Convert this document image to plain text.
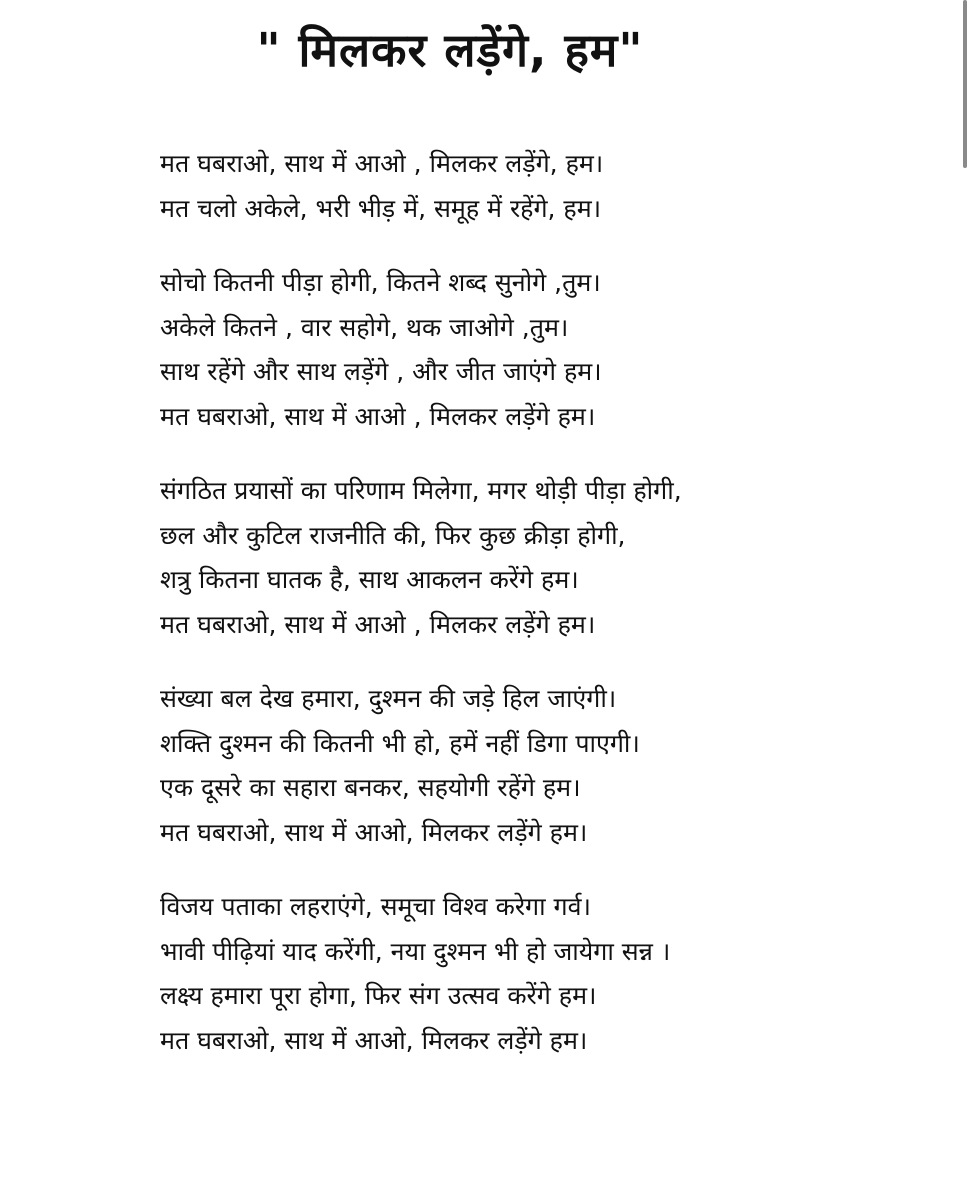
" मिलकर लड़ेंगे, हम"
मत घबराओ, साथ में आओ , मिलकर लड़ेंगे, हम।
मत चलो अकेले, भरी भीड़ में, समूह में रहेंगे, हम।
सोचो कितनी पीड़ा होगी, कितने शब्द सुनोगे ,तुम।
अकेले कितने , वार सहोगे, थक जाओगे ,तुम।
साथ रहेंगे और साथ लड़ेंगे , और जीत जाएंगे हम।
मत घबराओ, साथ में आओ , मिलकर लड़ेंगे हम।
संगठित प्रयासों का परिणाम मिलेगा, मगर थोड़ी पीड़ा होगी,
छल और कुटिल राजनीति की, फिर कुछ क्रीड़ा होगी,
शत्रु कितना घातक है, साथ आकलन करेंगे हम।
मत घबराओ, साथ में आओ , मिलकर लड़ेंगे हम।
संख्या बल देख हमारा, दुश्मन की जड़े हिल जाएंगी।
शक्ति दुश्मन की कितनी भी हो, हमें नहीं डिगा पाएगी।
एक दूसरे का सहारा बनकर, सहयोगी रहेंगे हम।
मत घबराओ, साथ में आओ, मिलकर लड़ेंगे हम।
विजय पताका लहराएंगे, समूचा विश्व करेगा गर्व।
भावी पीढ़ियां याद करेंगी, नया दुश्मन भी हो जायेगा सन्न ।
लक्ष्य हमारा पूरा होगा, फिर संग उत्सव करेंगे हम।
मत घबराओ, साथ में आओ, मिलकर लड़ेंगे हम।
